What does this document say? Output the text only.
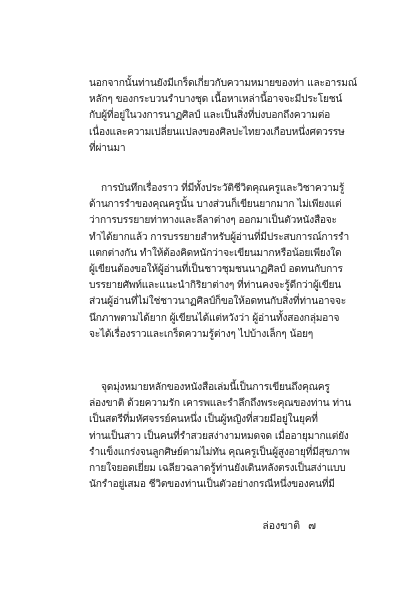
นอกจากนั้นท่านยังมีเกร็ดเกี่ยวกับความหมายของท่า และอารมณ์
หลักๆ ของกระบวนรำบางชุด เนื้อหาเหล่านี้อาจจะมีประโยชน์
กับผู้ที่อยู่ในวงการนาฏศิลป์ และเป็นสิ่งที่บ่งบอกถึงความต่อ
เนื่องและความเปลี่ยนแปลงของศิลปะไทยวงเกือบหนึ่งศตวรรษ
ที่ผ่านมา
การบันทึกเรื่องราว ที่มีทั้งประวัติชีวิตคุณครูและวิชาความรู้
ด้านการรำของคุณครูนั้น บางส่วนก็เขียนยากมาก ไม่เพียงแต่
ว่าการบรรยายท่าทางและลีลาต่างๆ ออกมาเป็นตัวหนังสือจะ
ทำได้ยากแล้ว การบรรยายสำหรับผู้อ่านที่มีประสบการณ์การรำ
แตกต่างกัน ทำให้ต้องคิดหนักว่าจะเขียนมากหรือน้อยเพียงใด
ผู้เขียนต้องขอให้ผู้อ่านที่เป็นชาวชุมชนนาฏศิลป์ อดทนกับการ
บรรยายศัพท์และแนะนำกิริยาต่างๆ ที่ท่านคงจะรู้ดีกว่าผู้เขียน
ส่วนผู้อ่านที่ไม่ใช่ชาวนาฏศิลป์ก็ขอให้อดทนกับสิ่งที่ท่านอาจจะ
นึกภาพตามได้ยาก ผู้เขียนได้แต่หวังว่า ผู้อ่านทั้งสองกลุ่มอาจ
จะได้เรื่องราวและเกร็ดความรู้ต่างๆ ไปบ้างเล็กๆ น้อยๆ
จุดมุ่งหมายหลักของหนังสือเล่มนี้เป็นการเขียนถึงคุณครู
ล่องขาติ ด้วยความรัก เคารพและรำลึกถึงพระคุณของท่าน ท่าน
เป็นสตรีที่มหัศจรรย์คนหนึ่ง เป็นผู้หญิงที่สวยมีอยู่ในยุคที่
ท่านเป็นสาว เป็นคนที่รำสวยสง่างามหมดจด เมื่ออายุมากแต่ยัง
รำแข็งแกร่งจนลูกศิษย์ตามไม่ทัน คุณครูเป็นผู้สูงอายุที่มีสุขภาพ
กายใจยอดเยี่ยม เฉลียวฉลาดรู้ท่านยังเดินหลังตรงเป็นสง่าแบบ
นักรำอยู่เสมอ ชีวิตของท่านเป็นตัวอย่างกรณีหนึ่งของคนที่มี
ล่องขาติ ๗
